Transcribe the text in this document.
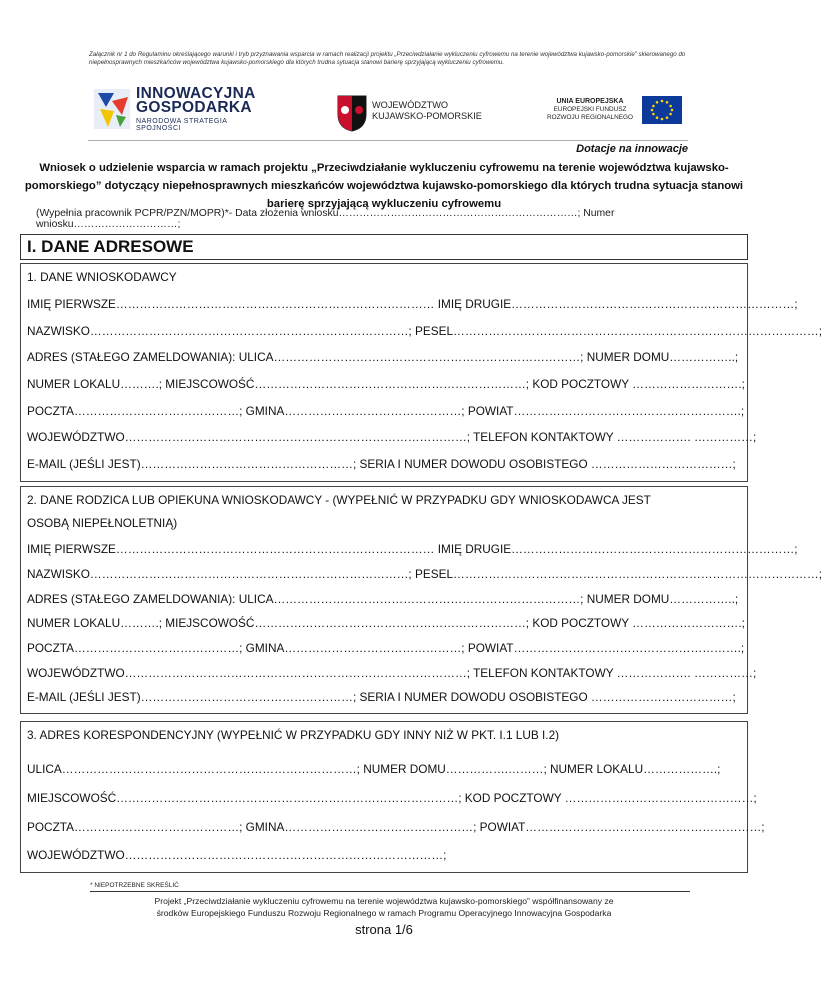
Załącznik nr 1 do Regulaminu określającego warunki i tryb przyznawania wsparcia w ramach realizacji projektu „Przeciwdziałanie wykluczeniu cyfrowemu na terenie województwa kujawsko-pomorskie” skierowanego do niepełnosprawnych mieszkańców województwa kujawsko-pomorskiego dla których trudna sytuacja stanowi barierę sprzyjającą wykluczeniu cyfrowemu.
INNOWACYJNA
GOSPODARKA
NARODOWA STRATEGIA SPÓJNOŚCI
WOJEWÓDZTWO
KUJAWSKO-POMORSKIE
UNIA EUROPEJSKA
EUROPEJSKI FUNDUSZ
ROZWOJU REGIONALNEGO
Dotacje na innowacje
Wniosek o udzielenie wsparcia w ramach projektu „Przeciwdziałanie wykluczeniu cyfrowemu na terenie województwa kujawsko-
pomorskiego” dotyczący niepełnosprawnych mieszkańców województwa kujawsko-pomorskiego dla których trudna sytuacja stanowi
barierę sprzyjającą wykluczeniu cyfrowemu
(Wypełnia pracownik PCPR/PZN/MOPR)*- Data złożenia wniosku……………………………………………………………; Numer wniosku…………………………;
I. DANE ADRESOWE
1. DANE WNIOSKODAWCY
IMIĘ PIERWSZE……………………………………………………………………… IMIĘ DRUGIE………………………………………………………………;
NAZWISKO………………………………………………………………………; PESEL…………………………………………………………………………………;
ADRES (STAŁEGO ZAMELDOWANIA): ULICA……………………………………………………………………; NUMER DOMU……………..;
NUMER LOKALU……….; MIEJSCOWOŚĆ……………………………………………………………; KOD POCZTOWY ……………………….;
POCZTA……………………………………; GMINA………………………………………; POWIAT………………………………………………….;
WOJEWÓDZTWO……………………………………………………………………………; TELEFON KONTAKTOWY ………………. ……………;
E-MAIL (JEŚLI JEST)………………………………………………; SERIA I NUMER DOWODU OSOBISTEGO ………………………………;
2. DANE RODZICA LUB OPIEKUNA WNIOSKODAWCY - (WYPEŁNIĆ W PRZYPADKU GDY WNIOSKODAWCA JEST
OSOBĄ NIEPEŁNOLETNIĄ)
IMIĘ PIERWSZE……………………………………………………………………… IMIĘ DRUGIE………………………………………………………………;
NAZWISKO………………………………………………………………………; PESEL…………………………………………………………………………………;
ADRES (STAŁEGO ZAMELDOWANIA): ULICA……………………………………………………………………; NUMER DOMU……………..;
NUMER LOKALU……….; MIEJSCOWOŚĆ……………………………………………………………; KOD POCZTOWY ……………………….;
POCZTA……………………………………; GMINA………………………………………; POWIAT………………………………………………….;
WOJEWÓDZTWO……………………………………………………………………………; TELEFON KONTAKTOWY ………………. ……………;
E-MAIL (JEŚLI JEST)………………………………………………; SERIA I NUMER DOWODU OSOBISTEGO ………………………………;
3. ADRES KORESPONDENCYJNY (WYPEŁNIĆ W PRZYPADKU GDY INNY NIŻ W PKT. I.1 LUB I.2)
ULICA…………………………………………………………………; NUMER DOMU…………….………; NUMER LOKALU……………….;
MIEJSCOWOŚĆ……………………………………………………………………………; KOD POCZTOWY …………………………………………;
POCZTA……………………………………; GMINA…………………………………………; POWIAT……………………………………………………;
WOJEWÓDZTWO………………………………………………………………………;
* NIEPOTRZEBNE SKREŚLIĆ
Projekt „Przeciwdziałanie wykluczeniu cyfrowemu na terenie województwa kujawsko-pomorskiego” współfinansowany ze
środków Europejskiego Funduszu Rozwoju Regionalnego w ramach Programu Operacyjnego Innowacyjna Gospodarka
strona 1/6
